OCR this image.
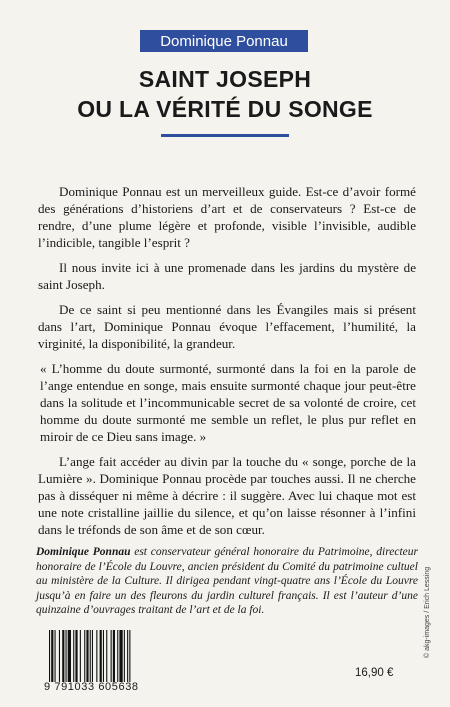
Dominique Ponnau
SAINT JOSEPH
OU LA VÉRITÉ DU SONGE

Dominique Ponnau est un merveilleux guide. Est-ce d’avoir formé des générations d’historiens d’art et de conservateurs ? Est-ce de rendre, d’une plume légère et profonde, visible l’invisible, audible l’indicible, tangible l’esprit ?

Il nous invite ici à une promenade dans les jardins du mystère de saint Joseph.

De ce saint si peu mentionné dans les Évangiles mais si présent dans l’art, Dominique Ponnau évoque l’effacement, l’humilité, la virginité, la disponibilité, la grandeur.

« L’homme du doute surmonté, surmonté dans la foi en la parole de l’ange entendue en songe, mais ensuite surmonté chaque jour peut-être dans la solitude et l’incommunicable secret de sa volonté de croire, cet homme du doute surmonté me semble un reflet, le plus pur reflet en miroir de ce Dieu sans image. »

L’ange fait accéder au divin par la touche du « songe, porche de la Lumière ». Dominique Ponnau procède par touches aussi. Il ne cherche pas à disséquer ni même à décrire : il suggère. Avec lui chaque mot est une note cristalline jaillie du silence, et qu’on laisse résonner à l’infini dans le tréfonds de son âme et de son cœur.

Dominique Ponnau est conservateur général honoraire du Patrimoine, directeur honoraire de l’École du Louvre, ancien président du Comité du patrimoine cultuel au ministère de la Culture. Il dirigea pendant vingt-quatre ans l’École du Louvre jusqu’à en faire un des fleurons du jardin culturel français. Il est l’auteur d’une quinzaine d’ouvrages traitant de l’art et de la foi.

9 791033 605638
16,90 €
© akg-images / Erich Lessing
